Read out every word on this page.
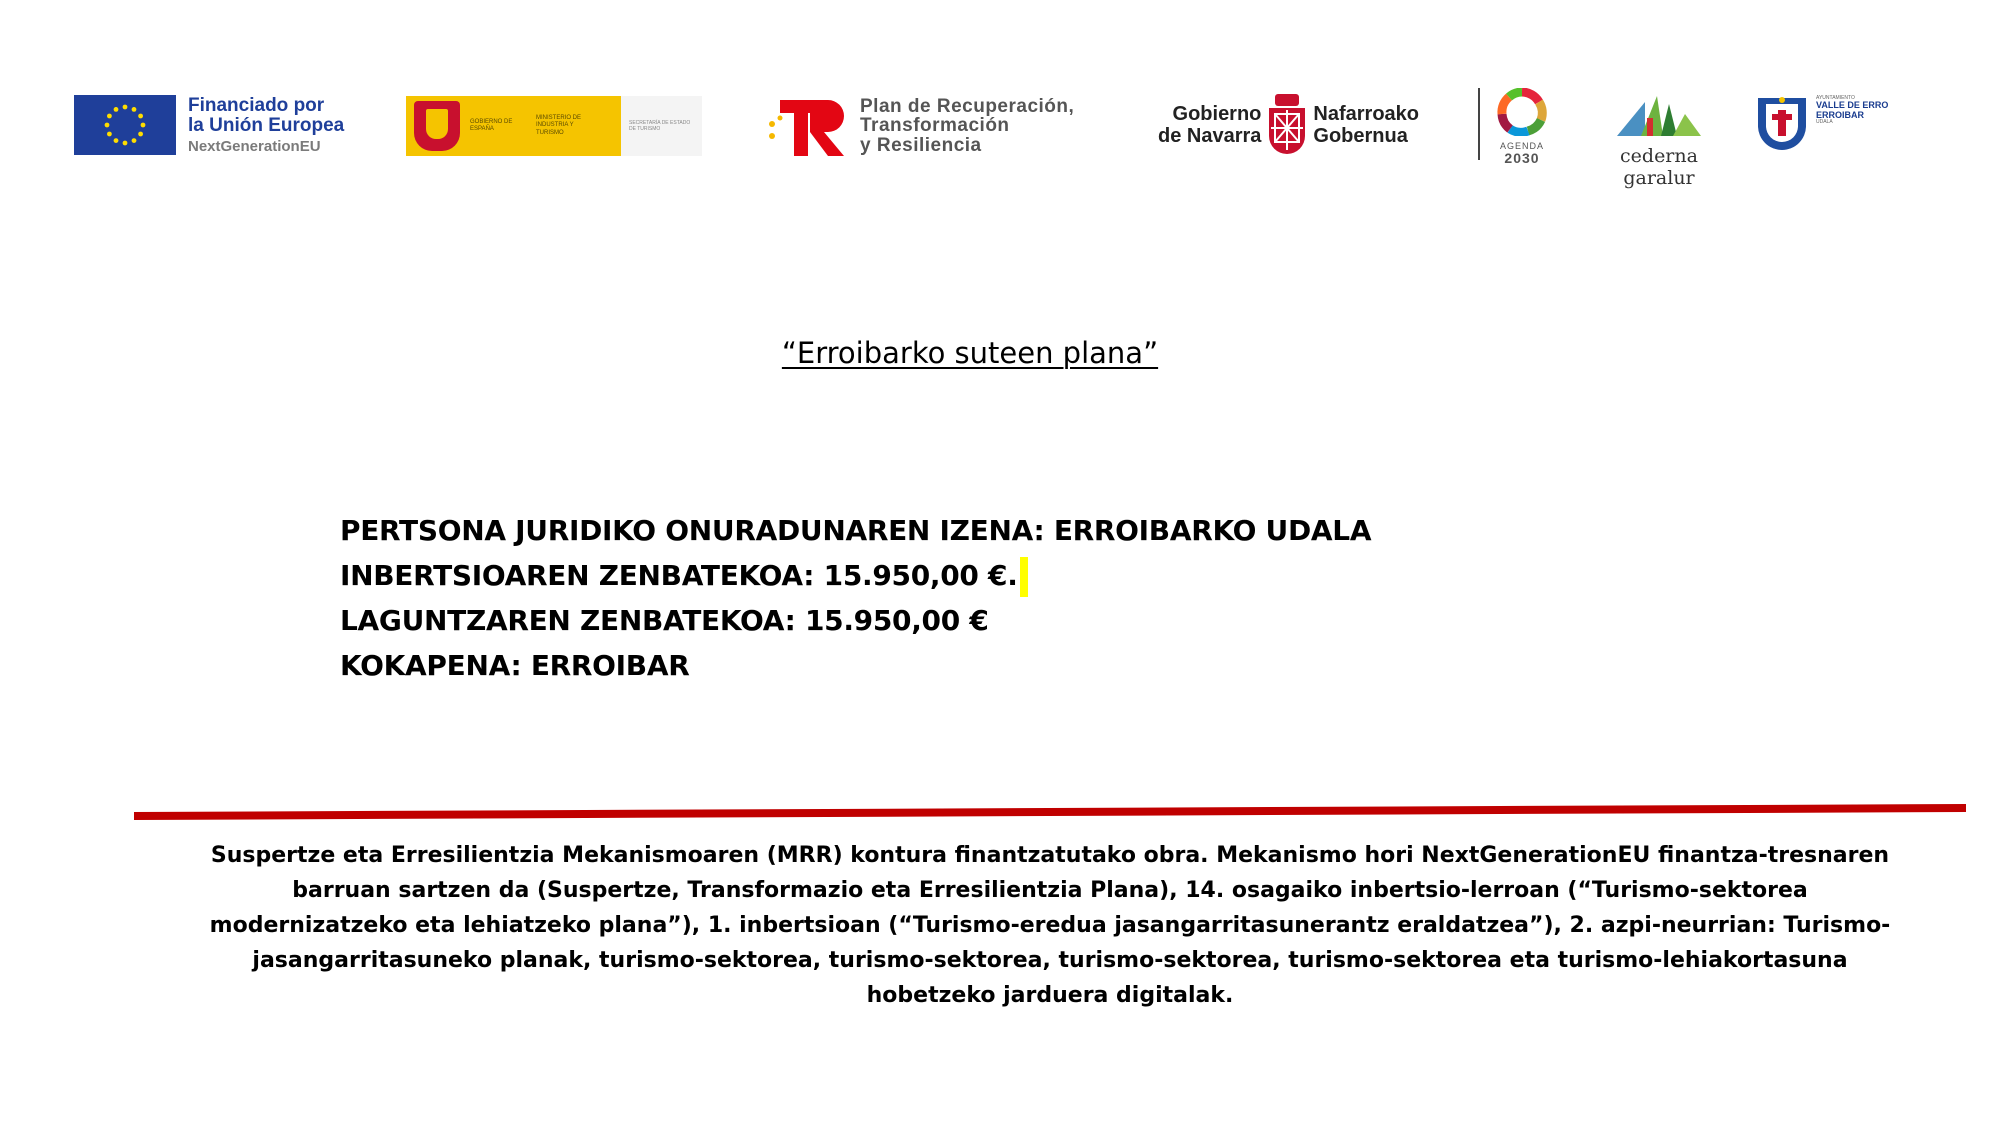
Financiado por
la Unión Europea
NextGenerationEU
GOBIERNO DE ESPAÑA
MINISTERIO DE INDUSTRIA Y TURISMO
SECRETARÍA DE ESTADO DE TURISMO
Plan de Recuperación,
Transformación
y Resiliencia
Gobierno
de Navarra
Nafarroako
Gobernua	AGENDA
2030	cederna garalur
AYUNTAMIENTO
VALLE DE ERRO
ERROIBAR
UDALA
“Erroibarko suteen plana”
PERTSONA JURIDIKO ONURADUNAREN IZENA: ERROIBARKO UDALA
INBERTSIOAREN ZENBATEKOA: 15.950,00 €.
LAGUNTZAREN ZENBATEKOA: 15.950,00 €
KOKAPENA: ERROIBAR
Suspertze eta Erresilientzia Mekanismoaren (MRR) kontura finantzatutako obra. Mekanismo hori NextGenerationEU finantza-tresnaren
barruan sartzen da (Suspertze, Transformazio eta Erresilientzia Plana), 14. osagaiko inbertsio-lerroan (“Turismo-sektorea
modernizatzeko eta lehiatzeko plana”), 1. inbertsioan (“Turismo-eredua jasangarritasunerantz eraldatzea”), 2. azpi-neurrian: Turismo-
jasangarritasuneko planak, turismo-sektorea, turismo-sektorea, turismo-sektorea, turismo-sektorea eta turismo-lehiakortasuna
hobetzeko jarduera digitalak.
